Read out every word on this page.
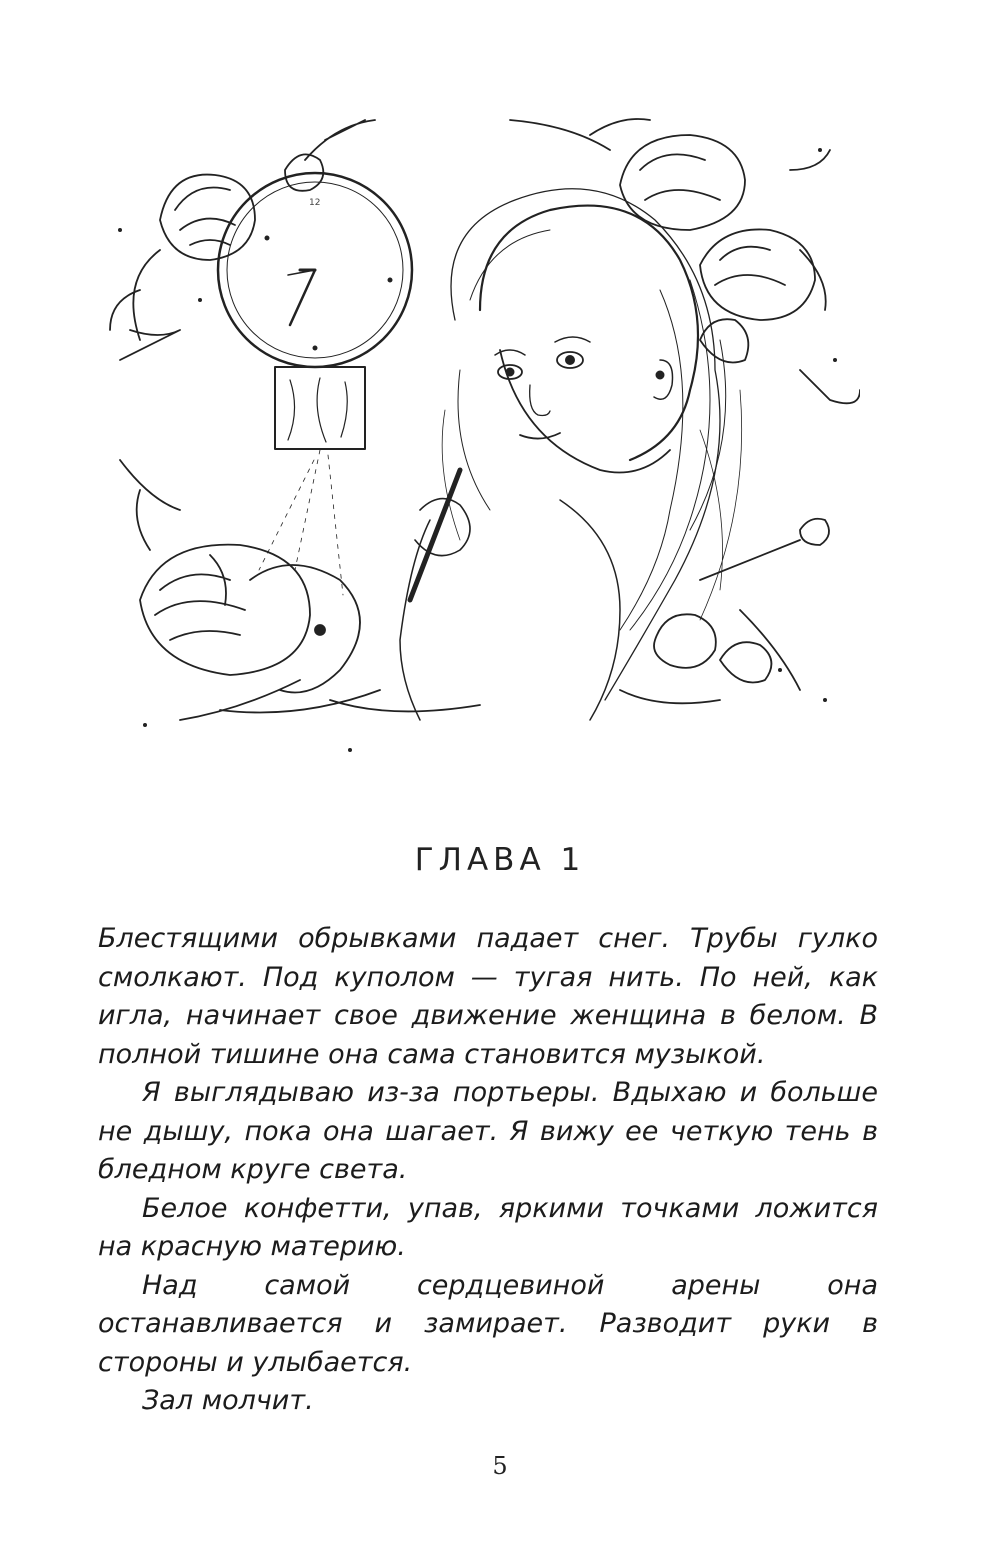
12
ГЛАВА 1

Блестящими обрывками падает снег. Трубы гулко смолкают. Под куполом — тугая нить. По ней, как игла, начинает свое движение женщина в белом. В полной тишине она сама становится музыкой.

Я выглядываю из-за портьеры. Вдыхаю и больше не дышу, пока она шагает. Я вижу ее четкую тень в бледном круге света.

Белое конфетти, упав, яркими точками ложится на красную материю.

Над самой сердцевиной арены она останавливается и замирает. Разводит руки в стороны и улыбается.

Зал молчит.

5
